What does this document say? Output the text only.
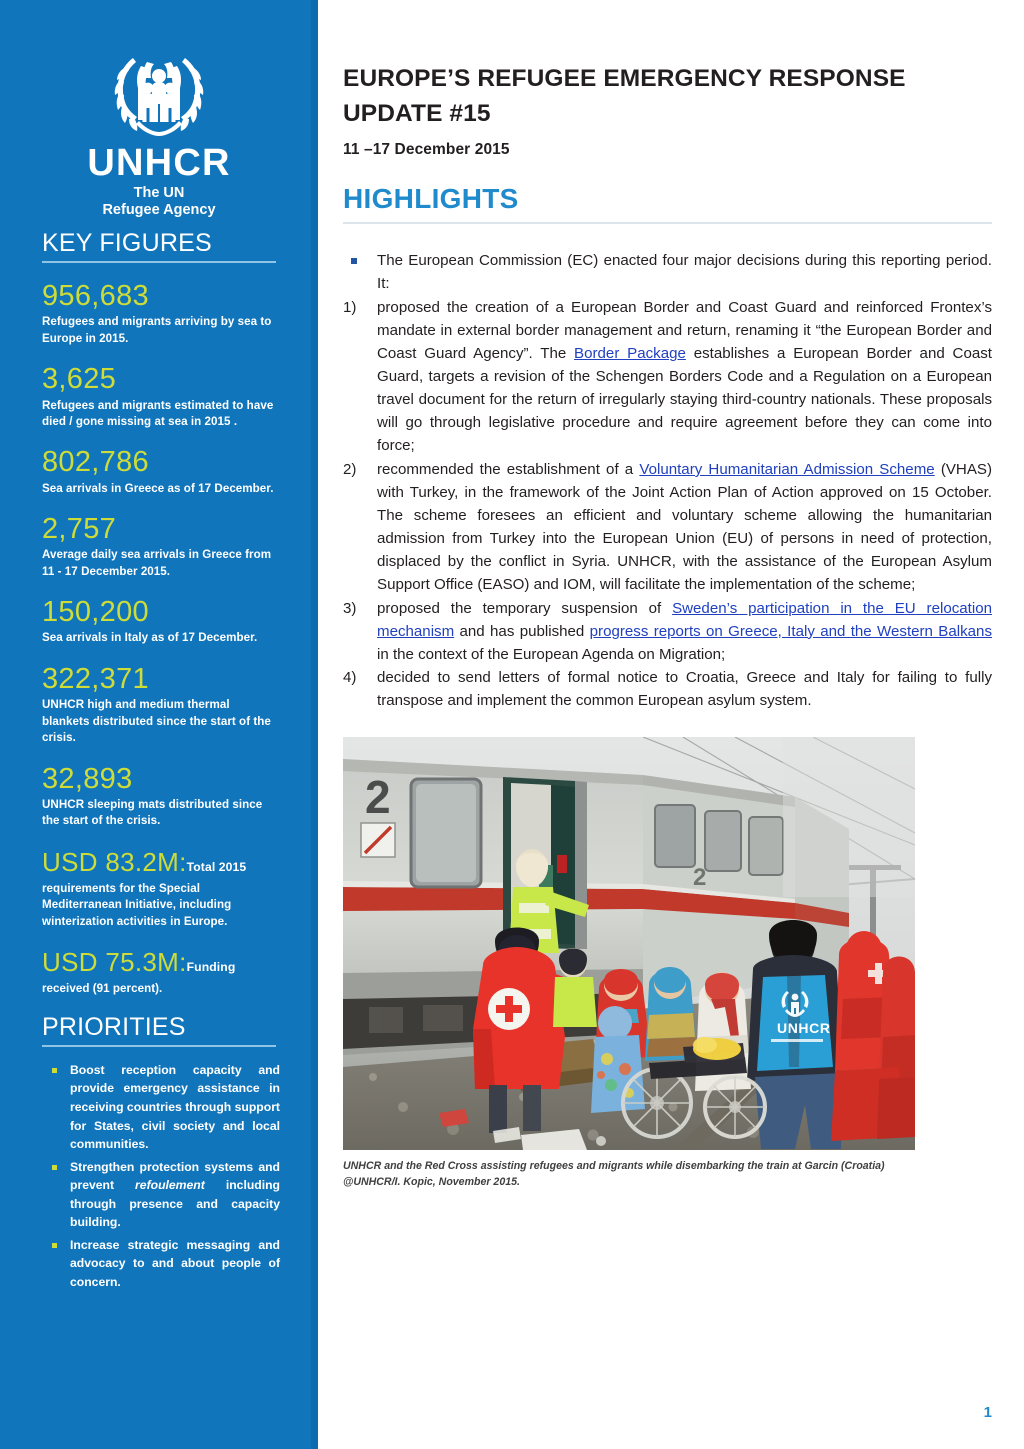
UNHCR
The UN
Refugee Agency
KEY FIGURES
956,683
Refugees and migrants arriving by sea to Europe in 2015.
3,625
Refugees and migrants estimated to have died / gone missing at sea in 2015 .
802,786
Sea arrivals in Greece as of 17 December.
2,757
Average daily sea arrivals in Greece from 11 - 17 December 2015.
150,200
Sea arrivals in Italy as of 17 December.
322,371
UNHCR high and medium thermal blankets distributed since the start of the crisis.
32,893
UNHCR sleeping mats distributed since the start of the crisis.
USD 83.2M:Total 2015
requirements for the Special Mediterranean Initiative, including winterization activities in Europe.
USD 75.3M:Funding
received (91 percent).
PRIORITIES
Boost reception capacity and provide emergency assistance in receiving countries through support for States, civil society and local communities.
Strengthen protection systems and prevent refoulement including through presence and capacity building.
Increase strategic messaging and advocacy to and about people of concern.
EUROPE’S REFUGEE EMERGENCY RESPONSE UPDATE #15
11 –17 December 2015
HIGHLIGHTS
The European Commission (EC) enacted four major decisions during this reporting period. It:
1)	proposed the creation of a European Border and Coast Guard and reinforced Frontex’s mandate in external border management and return, renaming it “the European Border and Coast Guard Agency”. The Border Package establishes a European Border and Coast Guard, targets a revision of the Schengen Borders Code and a Regulation on a European travel document for the return of irregularly staying third-country nationals. These proposals will go through legislative procedure and require agreement before they can come into force;
2)	recommended the establishment of a Voluntary Humanitarian Admission Scheme (VHAS) with Turkey, in the framework of the Joint Action Plan of Action approved on 15 October. The scheme foresees an efficient and voluntary scheme allowing the humanitarian admission from Turkey into the European Union (EU) of persons in need of protection, displaced by the conflict in Syria. UNHCR, with the assistance of the European Asylum Support Office (EASO) and IOM, will facilitate the implementation of the scheme;
3)	proposed the temporary suspension of Sweden’s participation in the EU relocation mechanism and has published progress reports on Greece, Italy and the Western Balkans in the context of the European Agenda on Migration;
4)	decided to send letters of formal notice to Croatia, Greece and Italy for failing to fully transpose and implement the common European asylum system.
2
2
UNHCR
UNHCR and the Red Cross assisting refugees and migrants while disembarking the train at Garcin (Croatia)
@UNHCR/I. Kopic, November 2015.
1
